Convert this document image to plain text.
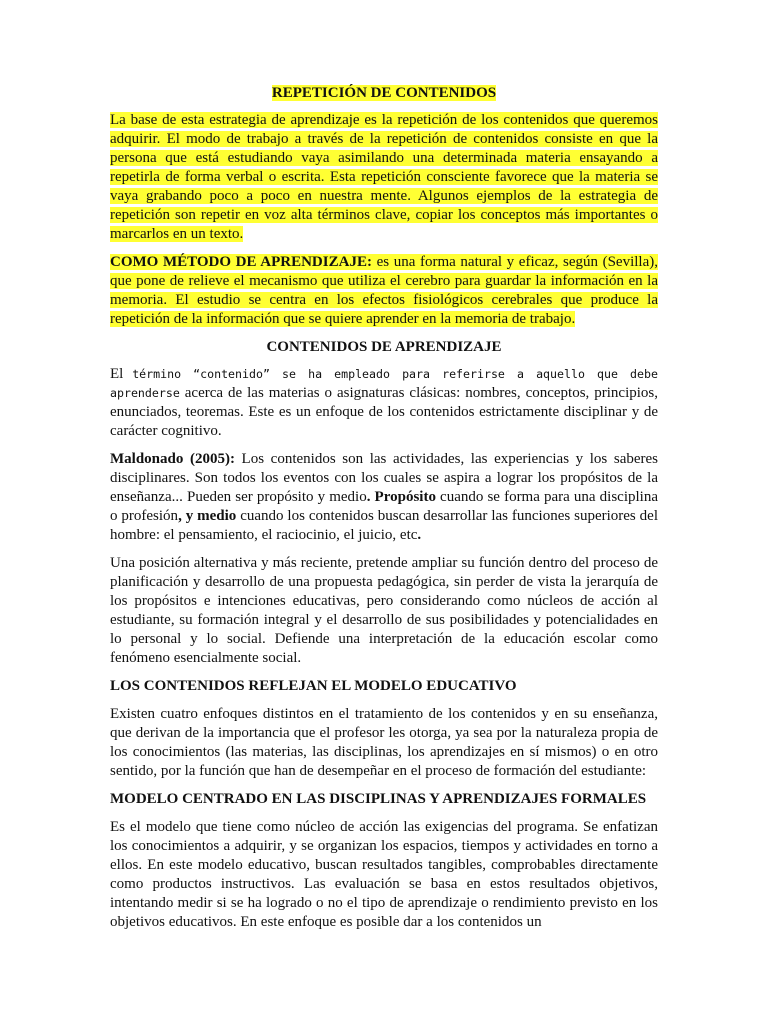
REPETICIÓN DE CONTENIDOS

La base de esta estrategia de aprendizaje es la repetición de los contenidos que queremos adquirir. El modo de trabajo a través de la repetición de contenidos consiste en que la persona que está estudiando vaya asimilando una determinada materia ensayando a repetirla de forma verbal o escrita. Esta repetición consciente favorece que la materia se vaya grabando poco a poco en nuestra mente. Algunos ejemplos de la estrategia de repetición son repetir en voz alta términos clave, copiar los conceptos más importantes o marcarlos en un texto.

COMO MÉTODO DE APRENDIZAJE: es una forma natural y eficaz, según (Sevilla), que pone de relieve el mecanismo que utiliza el cerebro para guardar la información en la memoria. El estudio se centra en los efectos fisiológicos cerebrales que produce la repetición de la información que se quiere aprender en la memoria de trabajo.

CONTENIDOS DE APRENDIZAJE

El término “contenido” se ha empleado para referirse a aquello que debe aprenderse acerca de las materias o asignaturas clásicas: nombres, conceptos, principios, enunciados, teoremas. Este es un enfoque de los contenidos estrictamente disciplinar y de carácter cognitivo.

Maldonado (2005): Los contenidos son las actividades, las experiencias y los saberes disciplinares. Son todos los eventos con los cuales se aspira a lograr los propósitos de la enseñanza... Pueden ser propósito y medio. Propósito cuando se forma para una disciplina o profesión, y medio cuando los contenidos buscan desarrollar las funciones superiores del hombre: el pensamiento, el raciocinio, el juicio, etc.

Una posición alternativa y más reciente, pretende ampliar su función dentro del proceso de planificación y desarrollo de una propuesta pedagógica, sin perder de vista la jerarquía de los propósitos e intenciones educativas, pero considerando como núcleos de acción al estudiante, su formación integral y el desarrollo de sus posibilidades y potencialidades en lo personal y lo social. Defiende una interpretación de la educación escolar como fenómeno esencialmente social.

LOS CONTENIDOS REFLEJAN EL MODELO EDUCATIVO

Existen cuatro enfoques distintos en el tratamiento de los contenidos y en su enseñanza, que derivan de la importancia que el profesor les otorga, ya sea por la naturaleza propia de los conocimientos (las materias, las disciplinas, los aprendizajes en sí mismos) o en otro sentido, por la función que han de desempeñar en el proceso de formación del estudiante:

MODELO CENTRADO EN LAS DISCIPLINAS Y APRENDIZAJES FORMALES

Es el modelo que tiene como núcleo de acción las exigencias del programa. Se enfatizan los conocimientos a adquirir, y se organizan los espacios, tiempos y actividades en torno a ellos. En este modelo educativo, buscan resultados tangibles, comprobables directamente como productos instructivos. Las evaluación se basa en estos resultados objetivos, intentando medir si se ha logrado o no el tipo de aprendizaje o rendimiento previsto en los objetivos educativos. En este enfoque es posible dar a los contenidos un
